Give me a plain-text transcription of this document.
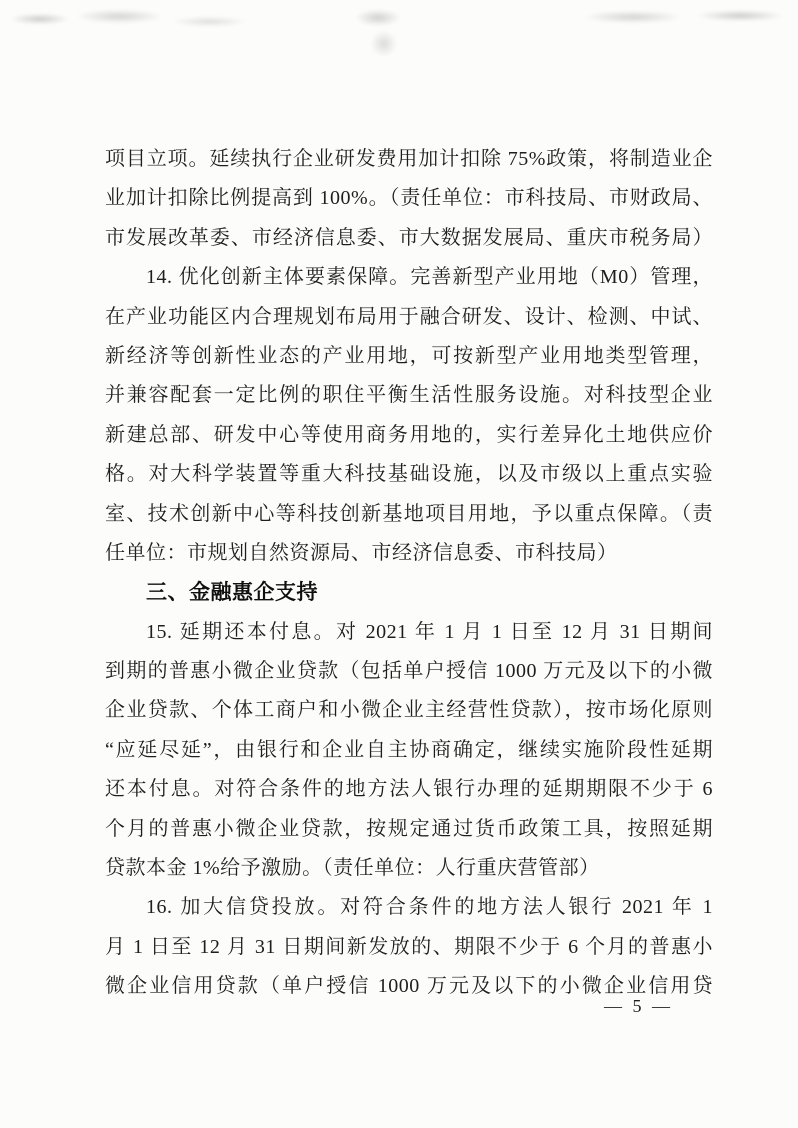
项目立项。延续执行企业研发费用加计扣除 75%政策，将制造业企
业加计扣除比例提高到 100%。（责任单位：市科技局、市财政局、
市发展改革委、市经济信息委、市大数据发展局、重庆市税务局）
14. 优化创新主体要素保障。完善新型产业用地（M0）管理，
在产业功能区内合理规划布局用于融合研发、设计、检测、中试、
新经济等创新性业态的产业用地，可按新型产业用地类型管理，
并兼容配套一定比例的职住平衡生活性服务设施。对科技型企业
新建总部、研发中心等使用商务用地的，实行差异化土地供应价
格。对大科学装置等重大科技基础设施，以及市级以上重点实验
室、技术创新中心等科技创新基地项目用地，予以重点保障。（责
任单位：市规划自然资源局、市经济信息委、市科技局）
三、金融惠企支持
15. 延期还本付息。对 2021 年 1 月 1 日至 12 月 31 日期间
到期的普惠小微企业贷款（包括单户授信 1000 万元及以下的小微
企业贷款、个体工商户和小微企业主经营性贷款），按市场化原则
“应延尽延”，由银行和企业自主协商确定，继续实施阶段性延期
还本付息。对符合条件的地方法人银行办理的延期期限不少于 6
个月的普惠小微企业贷款，按规定通过货币政策工具，按照延期
贷款本金 1%给予激励。（责任单位：人行重庆营管部）
16. 加大信贷投放。对符合条件的地方法人银行 2021 年 1
月 1 日至 12 月 31 日期间新发放的、期限不少于 6 个月的普惠小
微企业信用贷款（单户授信 1000 万元及以下的小微企业信用贷
— 5 —
